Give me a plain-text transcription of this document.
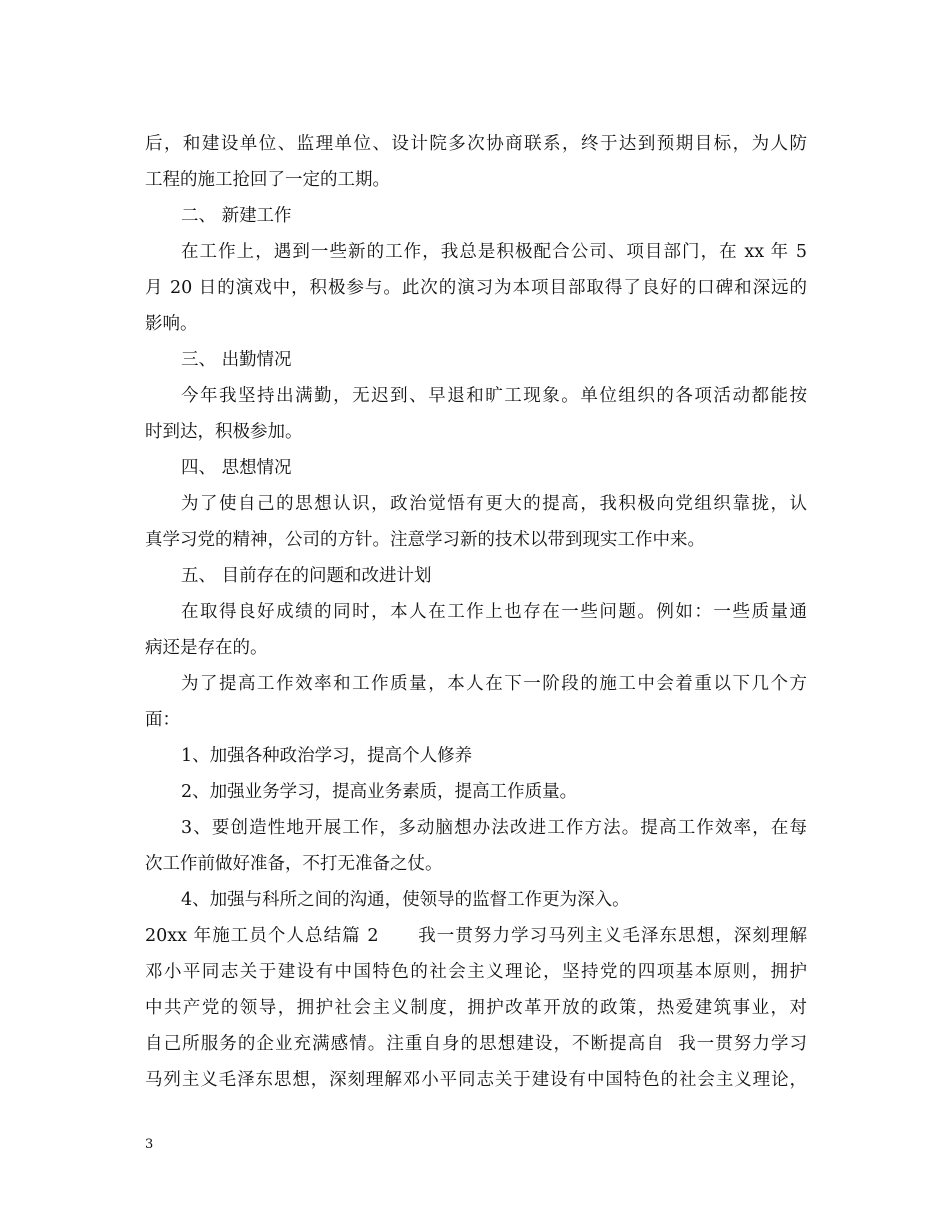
后，和建设单位、监理单位、设计院多次协商联系，终于达到预期目标，为人防
工程的施工抢回了一定的工期。
二、 新建工作
在工作上，遇到一些新的工作，我总是积极配合公司、项目部门，在 xx 年 5
月 20 日的演戏中，积极参与。此次的演习为本项目部取得了良好的口碑和深远的
影响。
三、 出勤情况
今年我坚持出满勤，无迟到、早退和旷工现象。单位组织的各项活动都能按
时到达，积极参加。
四、 思想情况
为了使自己的思想认识，政治觉悟有更大的提高，我积极向党组织靠拢，认
真学习党的精神，公司的方针。注意学习新的技术以带到现实工作中来。
五、 目前存在的问题和改进计划
在取得良好成绩的同时，本人在工作上也存在一些问题。例如：一些质量通
病还是存在的。
为了提高工作效率和工作质量，本人在下一阶段的施工中会着重以下几个方
面：
1、加强各种政治学习，提高个人修养
2、加强业务学习，提高业务素质，提高工作质量。
3、要创造性地开展工作，多动脑想办法改进工作方法。提高工作效率，在每
次工作前做好准备，不打无准备之仗。
4、加强与科所之间的沟通，使领导的监督工作更为深入。
20xx 年施工员个人总结篇 2      我一贯努力学习马列主义毛泽东思想，深刻理解
邓小平同志关于建设有中国特色的社会主义理论，坚持党的四项基本原则，拥护
中共产党的领导，拥护社会主义制度，拥护改革开放的政策，热爱建筑事业，对
自己所服务的企业充满感情。注重自身的思想建设，不断提高自  我一贯努力学习
马列主义毛泽东思想，深刻理解邓小平同志关于建设有中国特色的社会主义理论，
3
